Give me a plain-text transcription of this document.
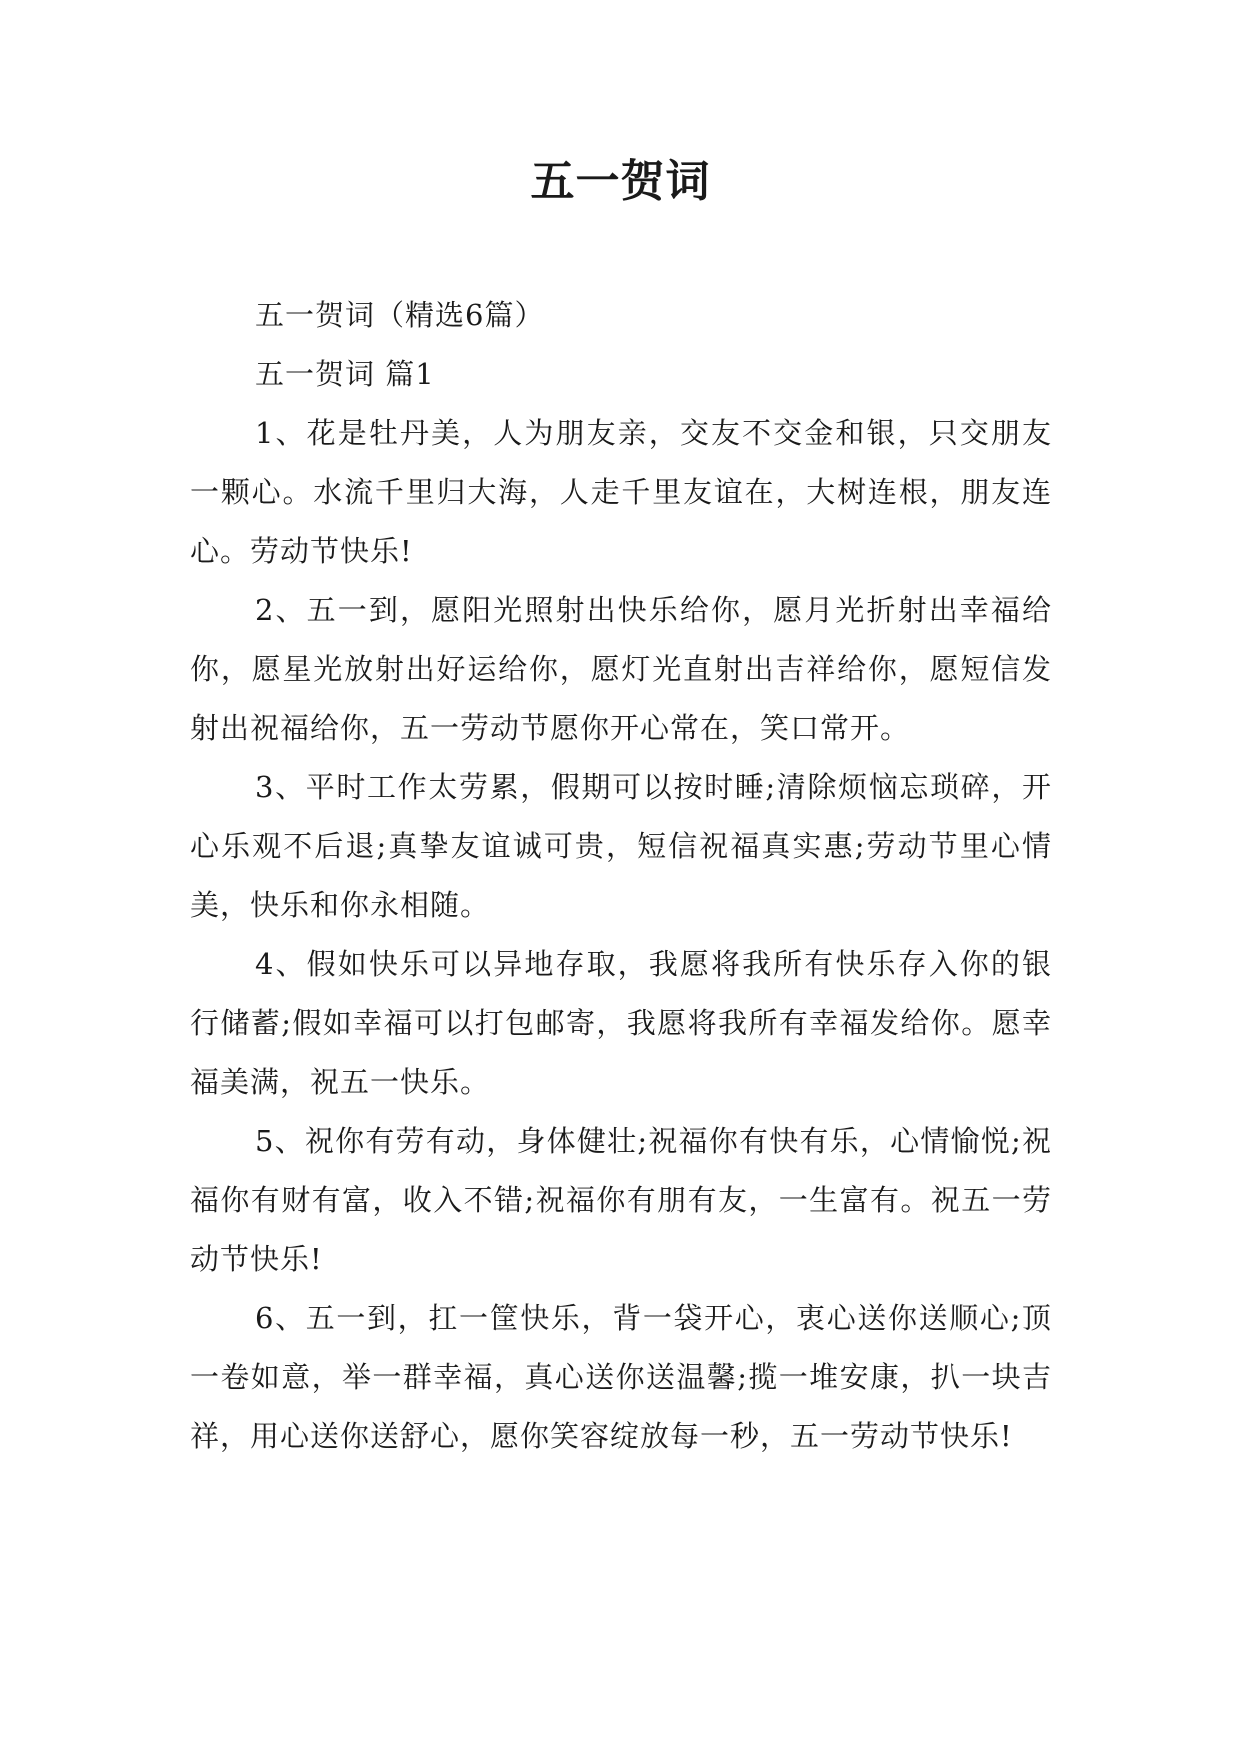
五一贺词

五一贺词（精选6篇）

五一贺词 篇1

1、花是牡丹美，人为朋友亲，交友不交金和银，只交朋友一颗心。水流千里归大海，人走千里友谊在，大树连根，朋友连心。劳动节快乐!

2、五一到，愿阳光照射出快乐给你，愿月光折射出幸福给你，愿星光放射出好运给你，愿灯光直射出吉祥给你，愿短信发射出祝福给你，五一劳动节愿你开心常在，笑口常开。

3、平时工作太劳累，假期可以按时睡;清除烦恼忘琐碎，开心乐观不后退;真挚友谊诚可贵，短信祝福真实惠;劳动节里心情美，快乐和你永相随。

4、假如快乐可以异地存取，我愿将我所有快乐存入你的银行储蓄;假如幸福可以打包邮寄，我愿将我所有幸福发给你。愿幸福美满，祝五一快乐。

5、祝你有劳有动，身体健壮;祝福你有快有乐，心情愉悦;祝福你有财有富，收入不错;祝福你有朋有友，一生富有。祝五一劳动节快乐!

6、五一到，扛一筐快乐，背一袋开心，衷心送你送顺心;顶一卷如意，举一群幸福，真心送你送温馨;揽一堆安康，扒一块吉祥，用心送你送舒心，愿你笑容绽放每一秒，五一劳动节快乐!
